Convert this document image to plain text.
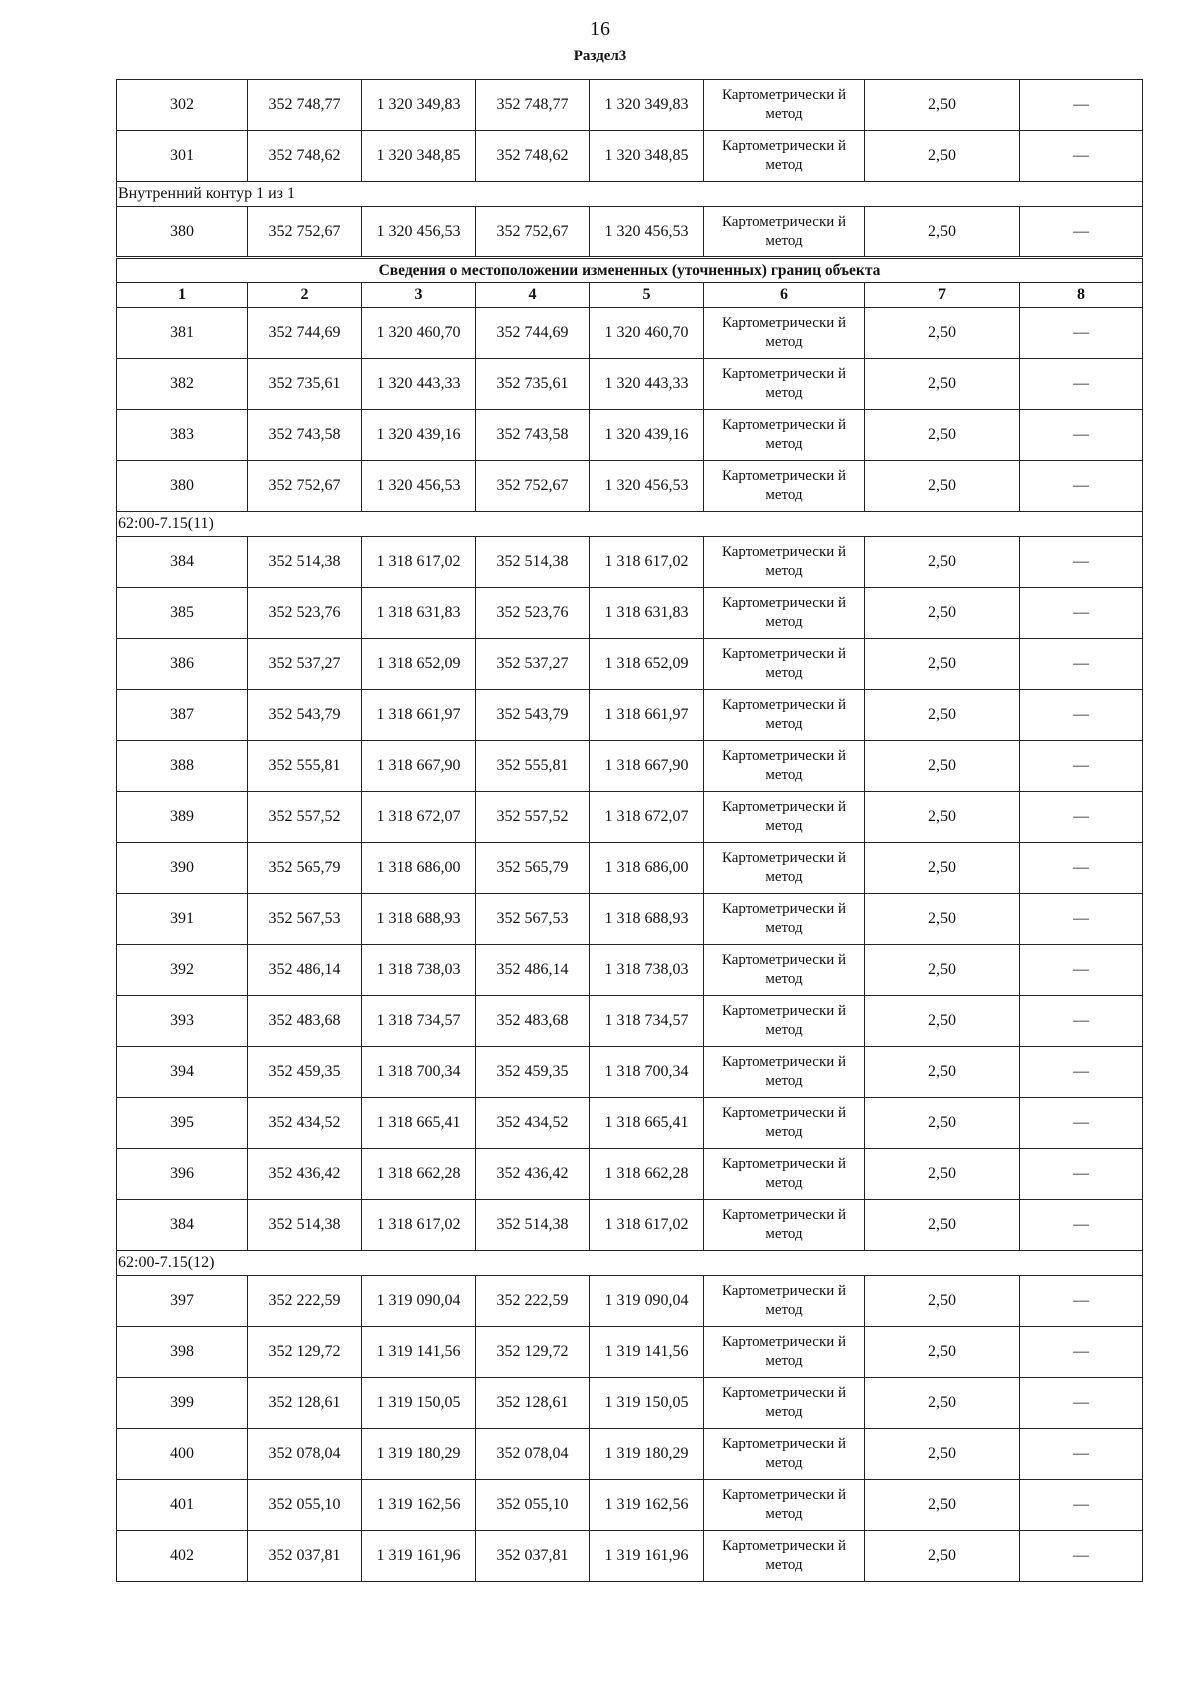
16
Раздел3
302	352 748,77	1 320 349,83	352 748,77	1 320 349,83	Картометрически й метод	2,50	—
301	352 748,62	1 320 348,85	352 748,62	1 320 348,85	Картометрически й метод	2,50	—
Внутренний контур 1 из 1							
380	352 752,67	1 320 456,53	352 752,67	1 320 456,53	Картометрически й метод	2,50	—
Сведения о местоположении измененных (уточненных) границ объекта							
1	2	3	4	5	6	7	8
381	352 744,69	1 320 460,70	352 744,69	1 320 460,70	Картометрически й метод	2,50	—
382	352 735,61	1 320 443,33	352 735,61	1 320 443,33	Картометрически й метод	2,50	—
383	352 743,58	1 320 439,16	352 743,58	1 320 439,16	Картометрически й метод	2,50	—
380	352 752,67	1 320 456,53	352 752,67	1 320 456,53	Картометрически й метод	2,50	—
62:00-7.15(11)							
384	352 514,38	1 318 617,02	352 514,38	1 318 617,02	Картометрически й метод	2,50	—
385	352 523,76	1 318 631,83	352 523,76	1 318 631,83	Картометрически й метод	2,50	—
386	352 537,27	1 318 652,09	352 537,27	1 318 652,09	Картометрически й метод	2,50	—
387	352 543,79	1 318 661,97	352 543,79	1 318 661,97	Картометрически й метод	2,50	—
388	352 555,81	1 318 667,90	352 555,81	1 318 667,90	Картометрически й метод	2,50	—
389	352 557,52	1 318 672,07	352 557,52	1 318 672,07	Картометрически й метод	2,50	—
390	352 565,79	1 318 686,00	352 565,79	1 318 686,00	Картометрически й метод	2,50	—
391	352 567,53	1 318 688,93	352 567,53	1 318 688,93	Картометрически й метод	2,50	—
392	352 486,14	1 318 738,03	352 486,14	1 318 738,03	Картометрически й метод	2,50	—
393	352 483,68	1 318 734,57	352 483,68	1 318 734,57	Картометрически й метод	2,50	—
394	352 459,35	1 318 700,34	352 459,35	1 318 700,34	Картометрически й метод	2,50	—
395	352 434,52	1 318 665,41	352 434,52	1 318 665,41	Картометрически й метод	2,50	—
396	352 436,42	1 318 662,28	352 436,42	1 318 662,28	Картометрически й метод	2,50	—
384	352 514,38	1 318 617,02	352 514,38	1 318 617,02	Картометрически й метод	2,50	—
62:00-7.15(12)							
397	352 222,59	1 319 090,04	352 222,59	1 319 090,04	Картометрически й метод	2,50	—
398	352 129,72	1 319 141,56	352 129,72	1 319 141,56	Картометрически й метод	2,50	—
399	352 128,61	1 319 150,05	352 128,61	1 319 150,05	Картометрически й метод	2,50	—
400	352 078,04	1 319 180,29	352 078,04	1 319 180,29	Картометрически й метод	2,50	—
401	352 055,10	1 319 162,56	352 055,10	1 319 162,56	Картометрически й метод	2,50	—
402	352 037,81	1 319 161,96	352 037,81	1 319 161,96	Картометрически й метод	2,50	—
